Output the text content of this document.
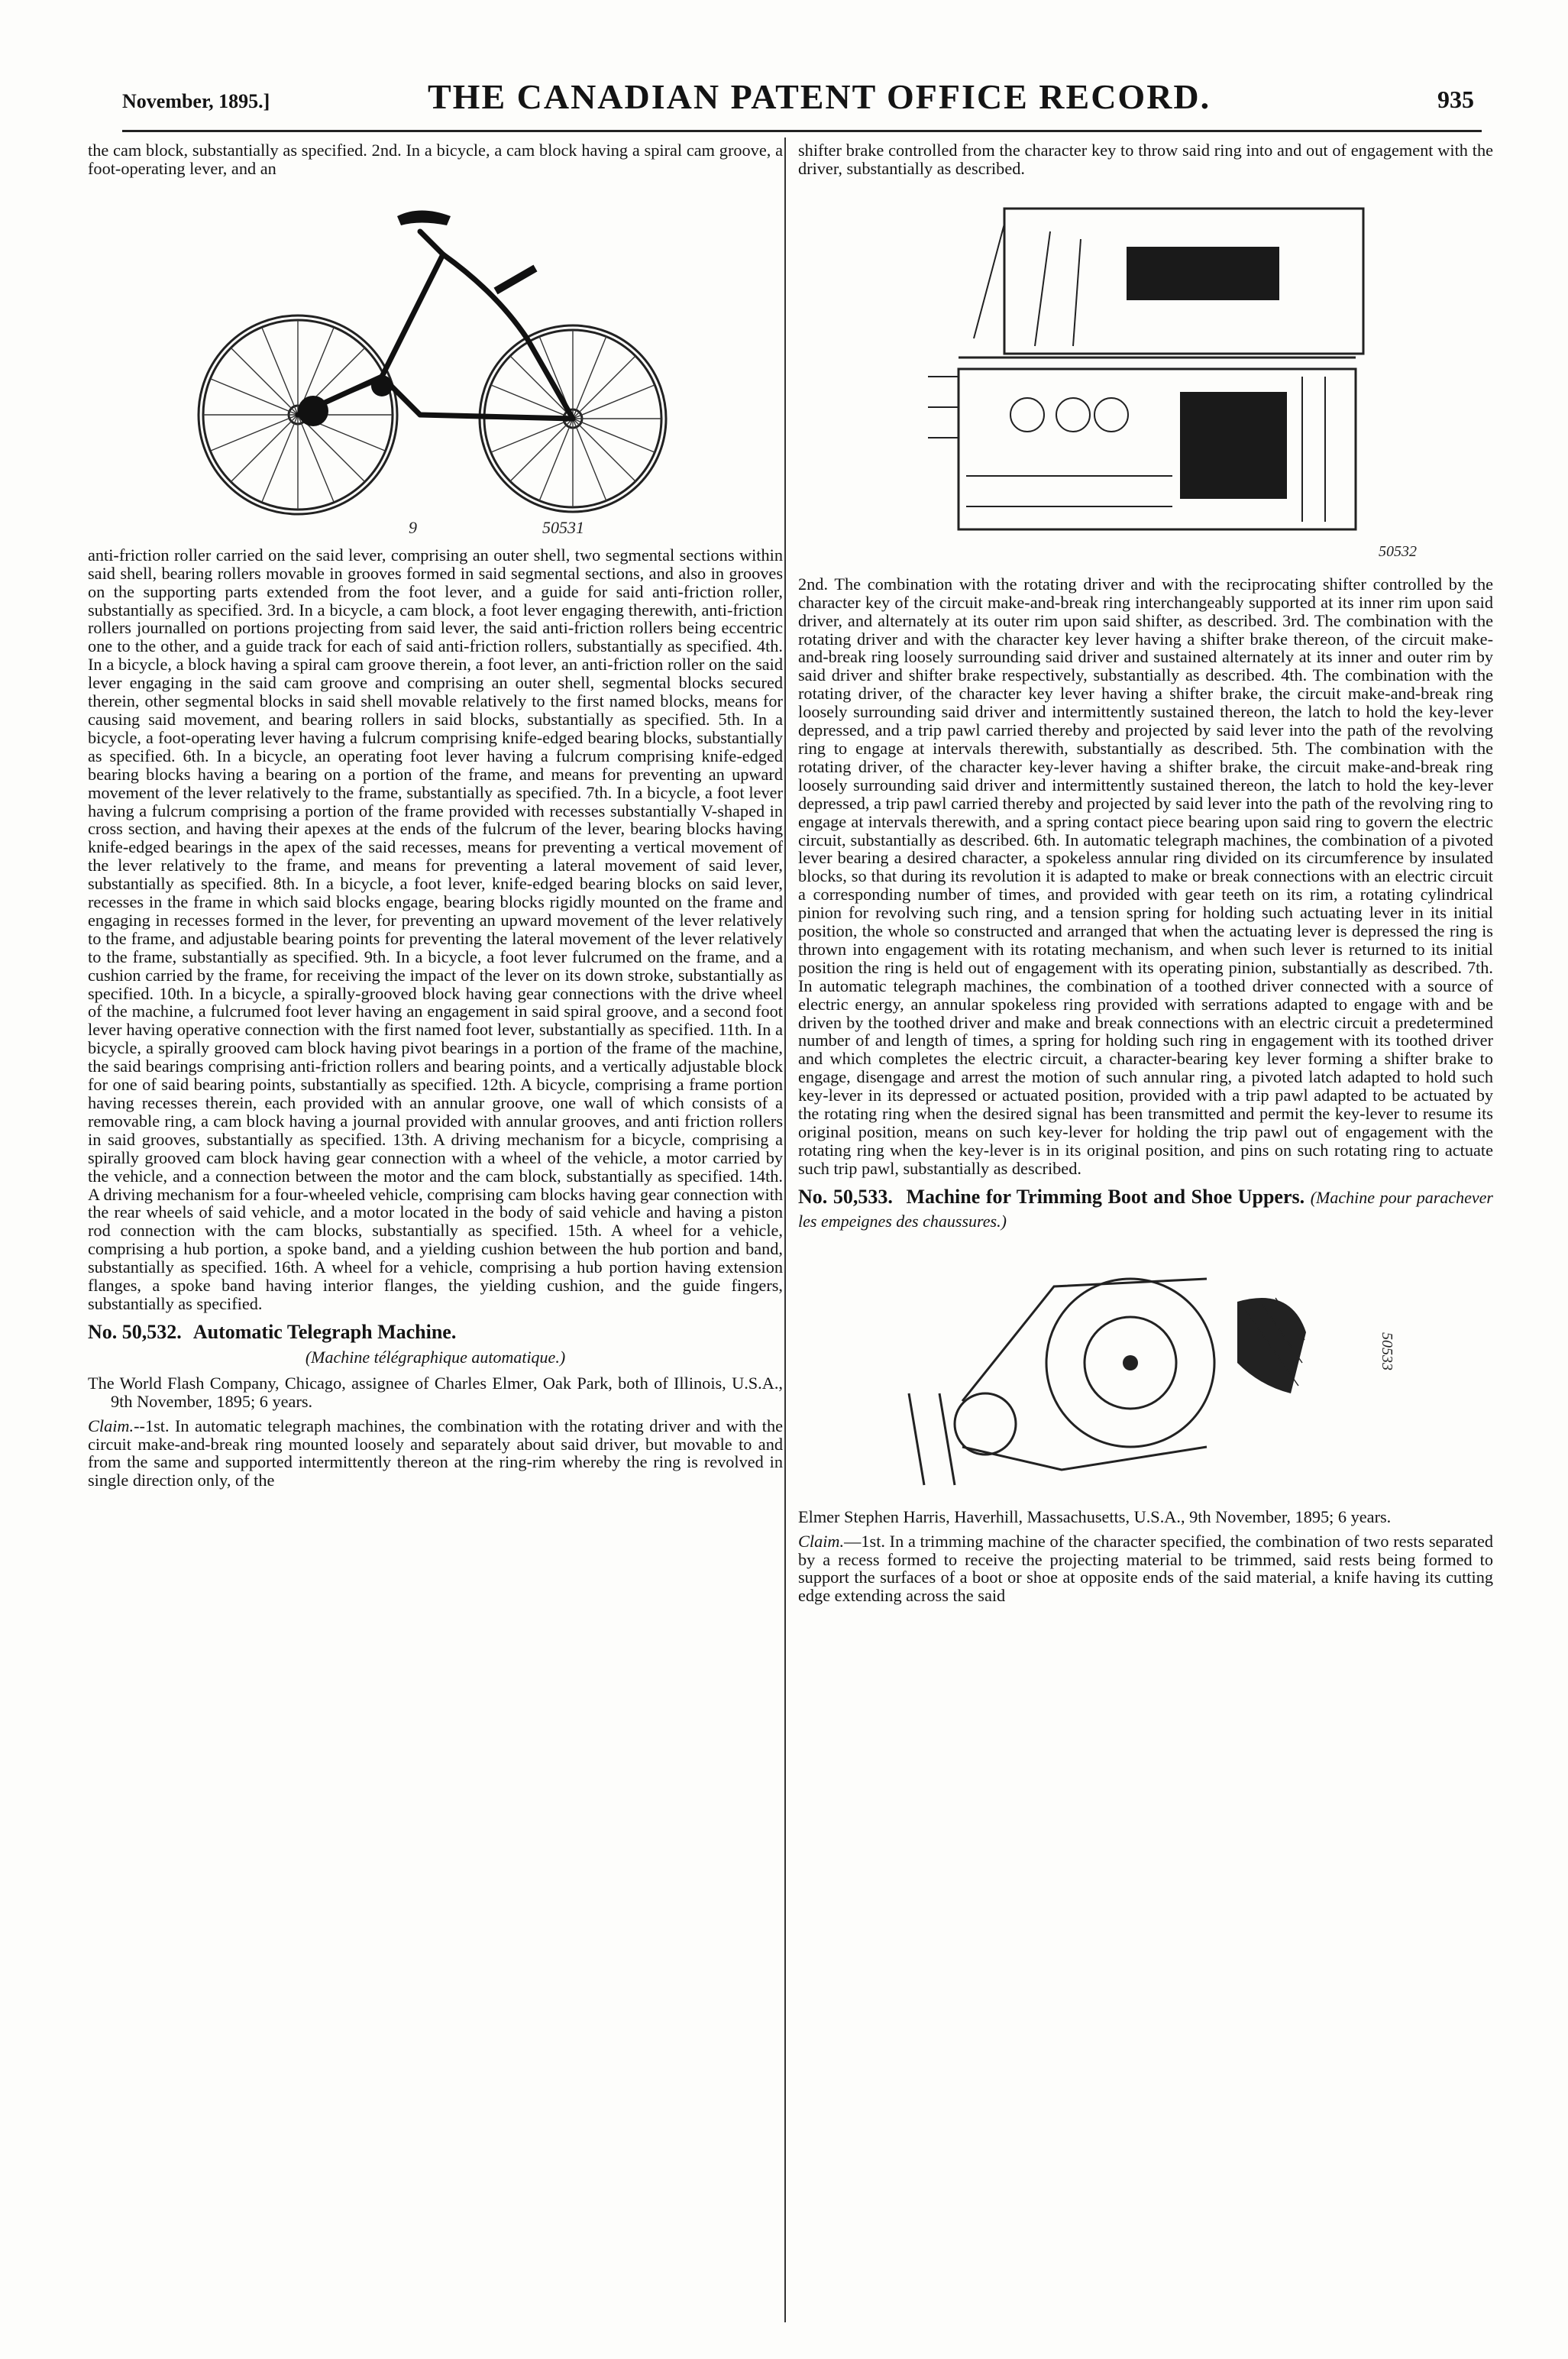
November, 1895.]	THE CANADIAN PATENT OFFICE RECORD.	935

the cam block, substantially as specified. 2nd. In a bicycle, a cam block having a spiral cam groove, a foot-operating lever, and an

9	50531

anti-friction roller carried on the said lever, comprising an outer shell, two segmental sections within said shell, bearing rollers movable in grooves formed in said segmental sections, and also in grooves on the supporting parts extended from the foot lever, and a guide for said anti-friction roller, substantially as specified. 3rd. In a bicycle, a cam block, a foot lever engaging therewith, anti-friction rollers journalled on portions projecting from said lever, the said anti-friction rollers being eccentric one to the other, and a guide track for each of said anti-friction rollers, substantially as specified. 4th. In a bicycle, a block having a spiral cam groove therein, a foot lever, an anti-friction roller on the said lever engaging in the said cam groove and comprising an outer shell, segmental blocks secured therein, other segmental blocks in said shell movable relatively to the first named blocks, means for causing said movement, and bearing rollers in said blocks, substantially as specified. 5th. In a bicycle, a foot-operating lever having a fulcrum comprising knife-edged bearing blocks, substantially as specified. 6th. In a bicycle, an operating foot lever having a fulcrum comprising knife-edged bearing blocks having a bearing on a portion of the frame, and means for preventing an upward movement of the lever relatively to the frame, substantially as specified. 7th. In a bicycle, a foot lever having a fulcrum comprising a portion of the frame provided with recesses substantially V-shaped in cross section, and having their apexes at the ends of the fulcrum of the lever, bearing blocks having knife-edged bearings in the apex of the said recesses, means for preventing a vertical movement of the lever relatively to the frame, and means for preventing a lateral movement of said lever, substantially as specified. 8th. In a bicycle, a foot lever, knife-edged bearing blocks on said lever, recesses in the frame in which said blocks engage, bearing blocks rigidly mounted on the frame and engaging in recesses formed in the lever, for preventing an upward movement of the lever relatively to the frame, and adjustable bearing points for preventing the lateral movement of the lever relatively to the frame, substantially as specified. 9th. In a bicycle, a foot lever fulcrumed on the frame, and a cushion carried by the frame, for receiving the impact of the lever on its down stroke, substantially as specified. 10th. In a bicycle, a spirally-grooved block having gear connections with the drive wheel of the machine, a fulcrumed foot lever having an engagement in said spiral groove, and a second foot lever having operative connection with the first named foot lever, substantially as specified. 11th. In a bicycle, a spirally grooved cam block having pivot bearings in a portion of the frame of the machine, the said bearings comprising anti-friction rollers and bearing points, and a vertically adjustable block for one of said bearing points, substantially as specified. 12th. A bicycle, comprising a frame portion having recesses therein, each provided with an annular groove, one wall of which consists of a removable ring, a cam block having a journal provided with annular grooves, and anti friction rollers in said grooves, substantially as specified. 13th. A driving mechanism for a bicycle, comprising a spirally grooved cam block having gear connection with a wheel of the vehicle, a motor carried by the vehicle, and a connection between the motor and the cam block, substantially as specified. 14th. A driving mechanism for a four-wheeled vehicle, comprising cam blocks having gear connection with the rear wheels of said vehicle, and a motor located in the body of said vehicle and having a piston rod connection with the cam blocks, substantially as specified. 15th. A wheel for a vehicle, comprising a hub portion, a spoke band, and a yielding cushion between the hub portion and band, substantially as specified. 16th. A wheel for a vehicle, comprising a hub portion having extension flanges, a spoke band having interior flanges, the yielding cushion, and the guide fingers, substantially as specified.

No. 50,532. Automatic Telegraph Machine.
(Machine télégraphique automatique.)

The World Flash Company, Chicago, assignee of Charles Elmer, Oak Park, both of Illinois, U.S.A., 9th November, 1895; 6 years.

Claim.--1st. In automatic telegraph machines, the combination with the rotating driver and with the circuit make-and-break ring mounted loosely and separately about said driver, but movable to and from the same and supported intermittently thereon at the ring-rim whereby the ring is revolved in single direction only, of the

shifter brake controlled from the character key to throw said ring into and out of engagement with the driver, substantially as described.

50532

2nd. The combination with the rotating driver and with the reciprocating shifter controlled by the character key of the circuit make-and-break ring interchangeably supported at its inner rim upon said driver, and alternately at its outer rim upon said shifter, as described. 3rd. The combination with the rotating driver and with the character key lever having a shifter brake thereon, of the circuit make-and-break ring loosely surrounding said driver and sustained alternately at its inner and outer rim by said driver and shifter brake respectively, substantially as described. 4th. The combination with the rotating driver, of the character key lever having a shifter brake, the circuit make-and-break ring loosely surrounding said driver and intermittently sustained thereon, the latch to hold the key-lever depressed, and a trip pawl carried thereby and projected by said lever into the path of the revolving ring to engage at intervals therewith, substantially as described. 5th. The combination with the rotating driver, of the character key-lever having a shifter brake, the circuit make-and-break ring loosely surrounding said driver and intermittently sustained thereon, the latch to hold the key-lever depressed, a trip pawl carried thereby and projected by said lever into the path of the revolving ring to engage at intervals therewith, and a spring contact piece bearing upon said ring to govern the electric circuit, substantially as described. 6th. In automatic telegraph machines, the combination of a pivoted lever bearing a desired character, a spokeless annular ring divided on its circumference by insulated blocks, so that during its revolution it is adapted to make or break connections with an electric circuit a corresponding number of times, and provided with gear teeth on its rim, a rotating cylindrical pinion for revolving such ring, and a tension spring for holding such actuating lever in its initial position, the whole so constructed and arranged that when the actuating lever is depressed the ring is thrown into engagement with its rotating mechanism, and when such lever is returned to its initial position the ring is held out of engagement with its operating pinion, substantially as described. 7th. In automatic telegraph machines, the combination of a toothed driver connected with a source of electric energy, an annular spokeless ring provided with serrations adapted to engage with and be driven by the toothed driver and make and break connections with an electric circuit a predetermined number of and length of times, a spring for holding such ring in engagement with its toothed driver and which completes the electric circuit, a character-bearing key lever forming a shifter brake to engage, disengage and arrest the motion of such annular ring, a pivoted latch adapted to hold such key-lever in its depressed or actuated position, provided with a trip pawl adapted to be actuated by the rotating ring when the desired signal has been transmitted and permit the key-lever to resume its original position, means on such key-lever for holding the trip pawl out of engagement with the rotating ring when the key-lever is in its original position, and pins on such rotating ring to actuate such trip pawl, substantially as described.

No. 50,533. Machine for Trimming Boot and Shoe Uppers. (Machine pour parachever les empeignes des chaussures.)
50533

Elmer Stephen Harris, Haverhill, Massachusetts, U.S.A., 9th November, 1895; 6 years.

Claim.—1st. In a trimming machine of the character specified, the combination of two rests separated by a recess formed to receive the projecting material to be trimmed, said rests being formed to support the surfaces of a boot or shoe at opposite ends of the said material, a knife having its cutting edge extending across the said
